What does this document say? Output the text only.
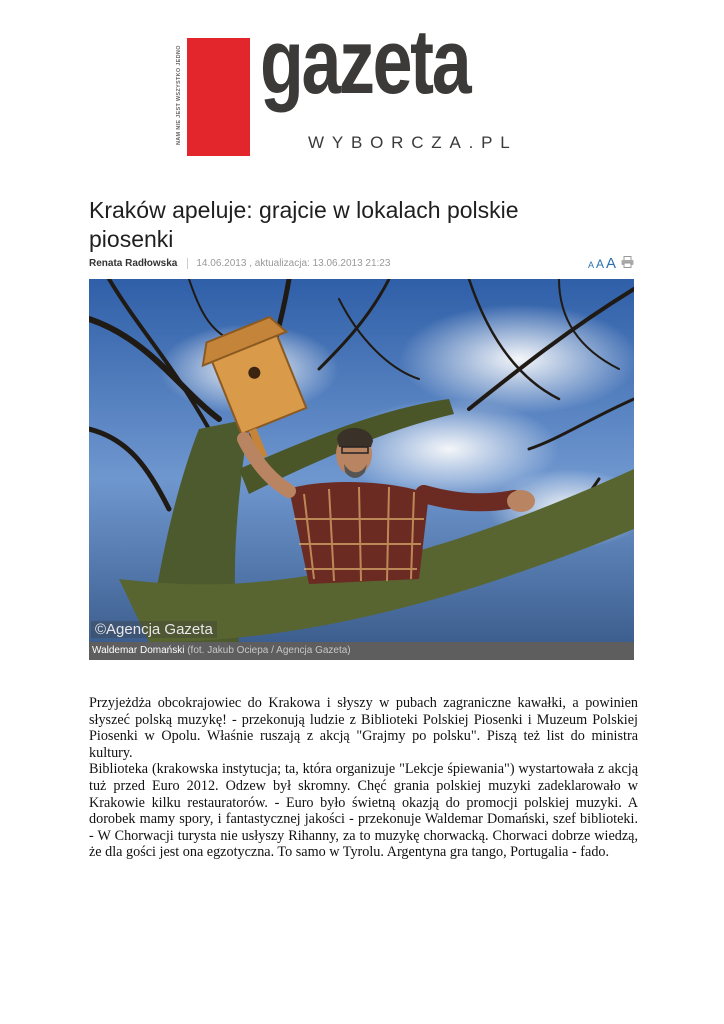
NAM NIE JEST WSZYSTKO JEDNO gazeta
WYBORCZA.PL
Kraków apeluje: grajcie w lokalach polskie piosenki
Renata Radłowska 14.06.2013 , aktualizacja: 13.06.2013 21:23	A A A
©Agencja Gazeta
Waldemar Domański (fot. Jakub Ociepa / Agencja Gazeta)

Przyjeżdża obcokrajowiec do Krakowa i słyszy w pubach zagraniczne kawałki, a powinien słyszeć polską muzykę! - przekonują ludzie z Biblioteki Polskiej Piosenki i Muzeum Polskiej Piosenki w Opolu. Właśnie ruszają z akcją "Grajmy po polsku". Piszą też list do ministra kultury.

Biblioteka (krakowska instytucja; ta, która organizuje "Lekcje śpiewania") wystartowała z akcją tuż przed Euro 2012. Odzew był skromny. Chęć grania polskiej muzyki zadeklarowało w Krakowie kilku restauratorów. - Euro było świetną okazją do promocji polskiej muzyki. A dorobek mamy spory, i fantastycznej jakości - przekonuje Waldemar Domański, szef biblioteki. - W Chorwacji turysta nie usłyszy Rihanny, za to muzykę chorwacką. Chorwaci dobrze wiedzą, że dla gości jest ona egzotyczna. To samo w Tyrolu. Argentyna gra tango, Portugalia - fado.
